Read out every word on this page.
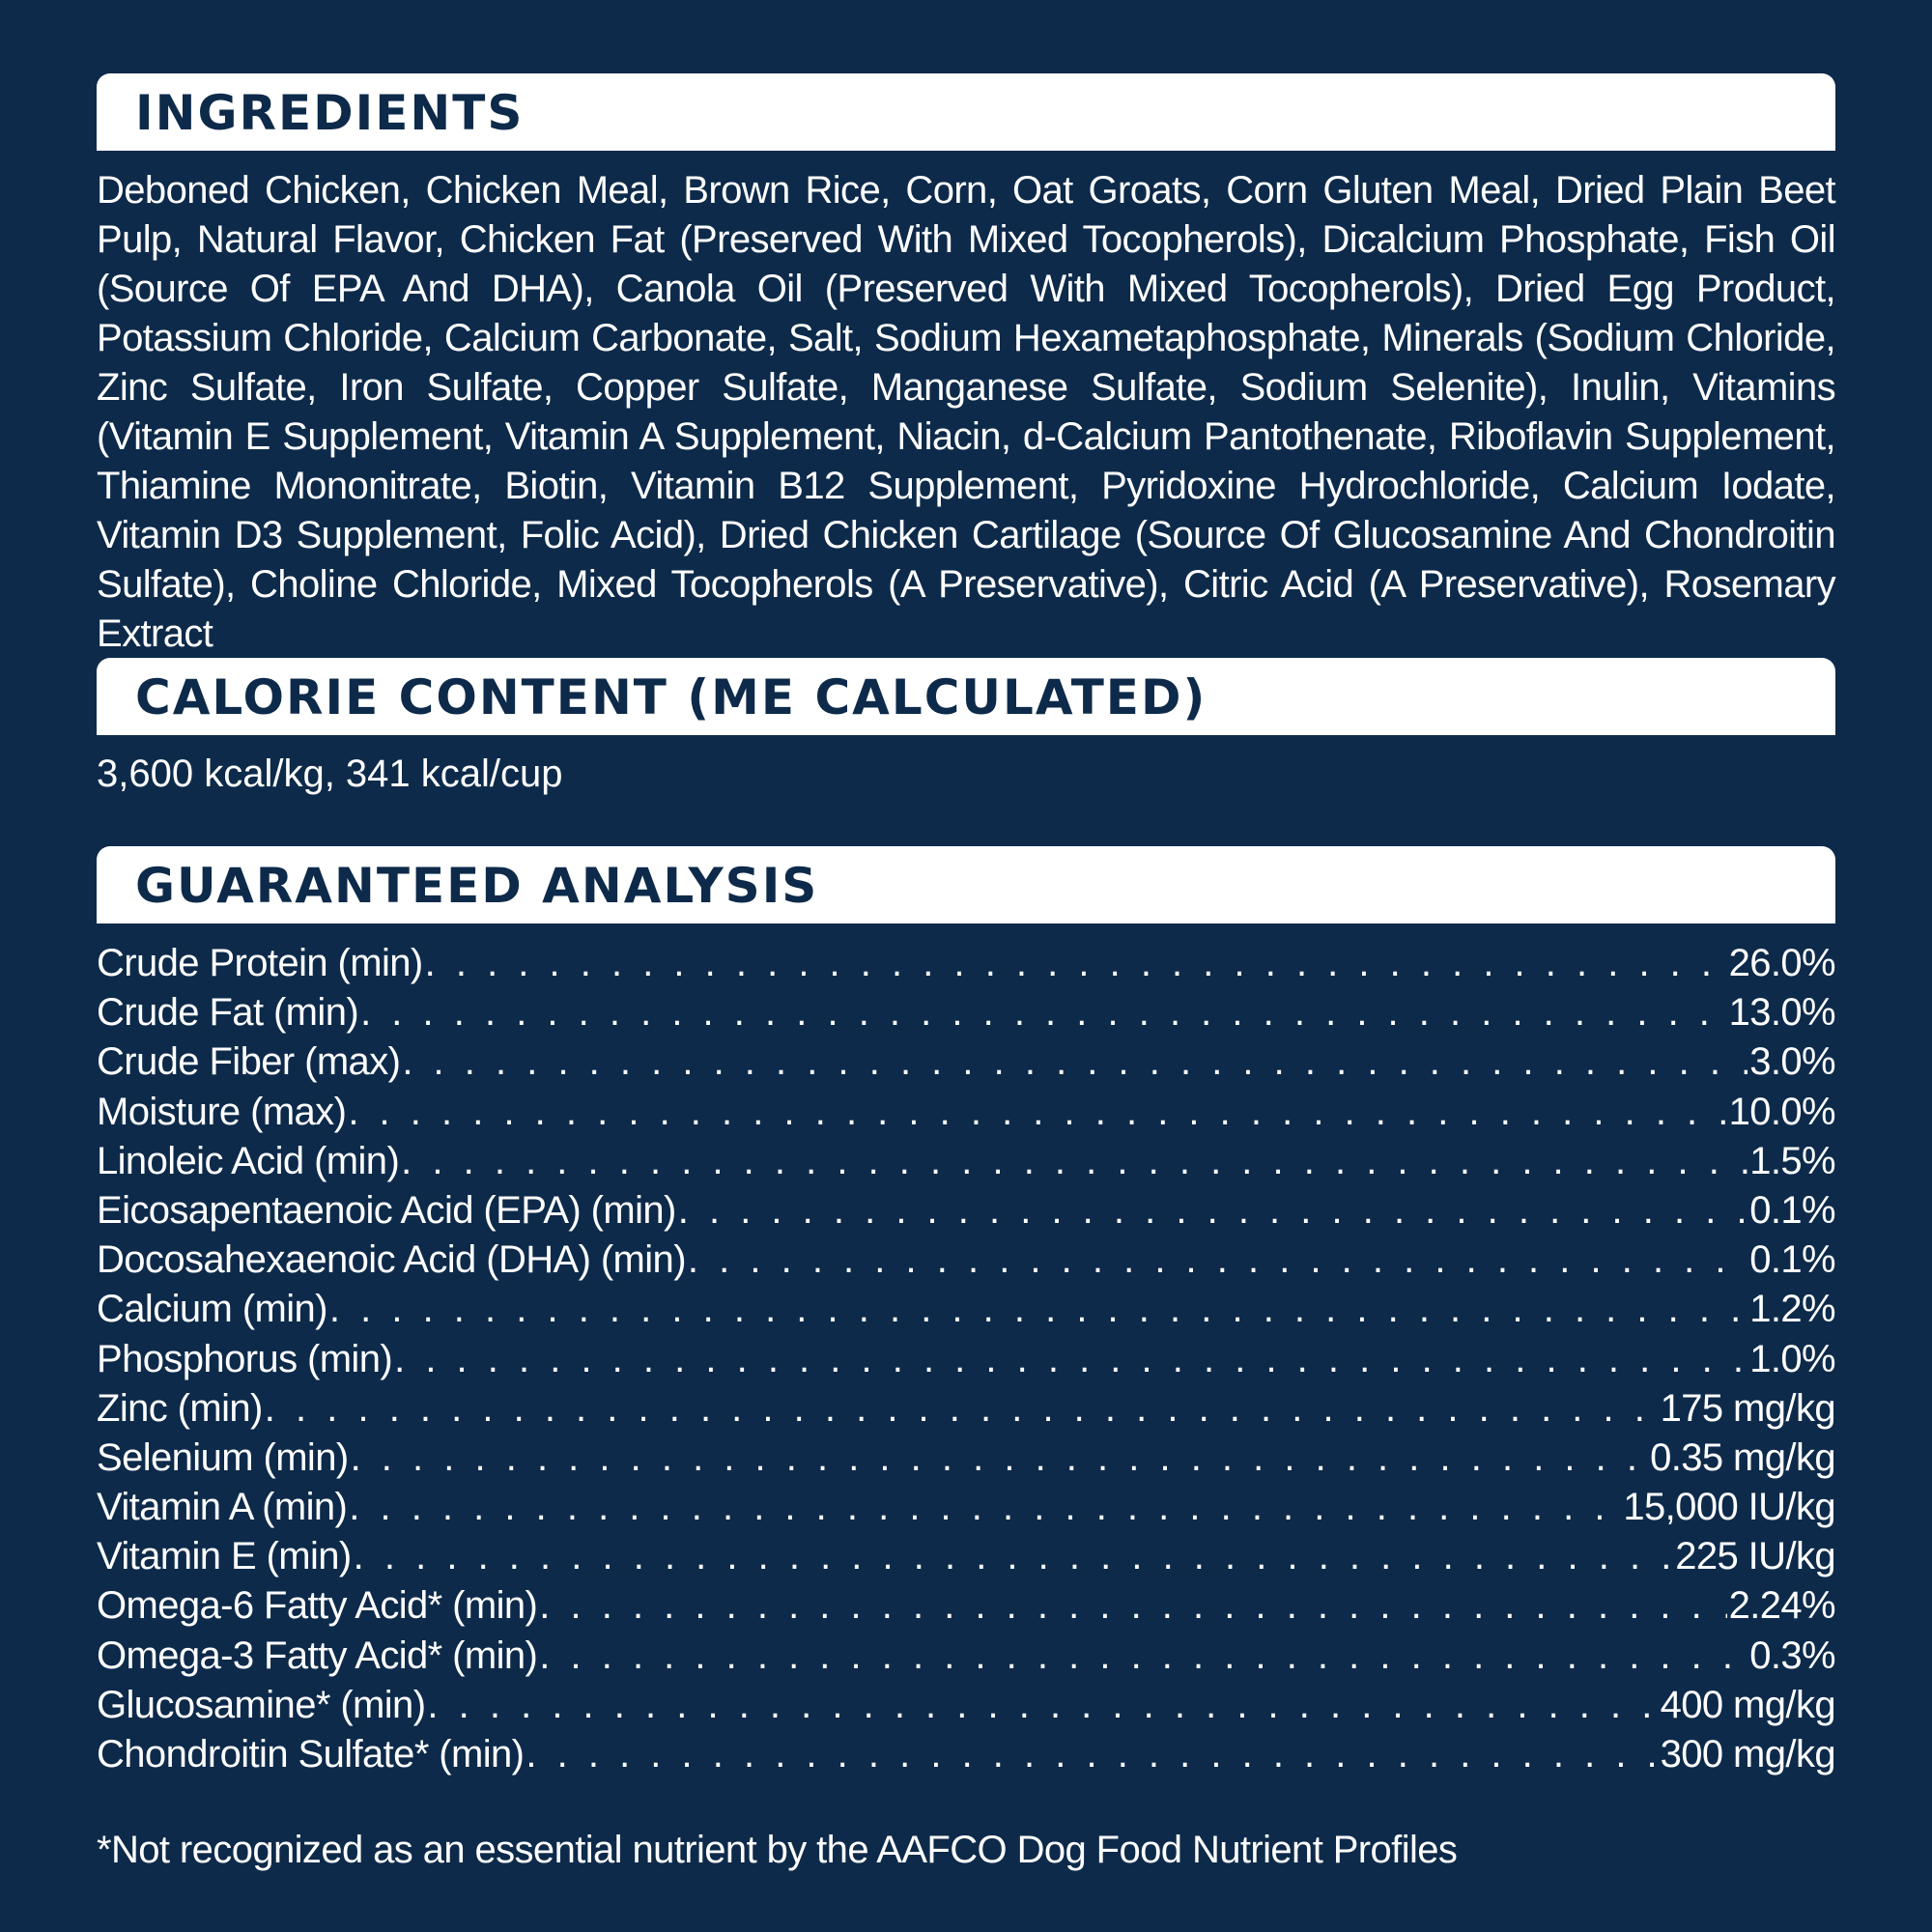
INGREDIENTS

Deboned Chicken, Chicken Meal, Brown Rice, Corn, Oat Groats, Corn Gluten Meal, Dried Plain Beet Pulp, Natural Flavor, Chicken Fat (Preserved With Mixed Tocopherols), Dicalcium Phosphate, Fish Oil (Source Of EPA And DHA), Canola Oil (Preserved With Mixed Tocopherols), Dried Egg Product, Potassium Chloride, Calcium Carbonate, Salt, Sodium Hexametaphosphate, Minerals (Sodium Chloride, Zinc Sulfate, Iron Sulfate, Copper Sulfate, Manganese Sulfate, Sodium Selenite), Inulin, Vitamins (Vitamin E Supplement, Vitamin A Supplement, Niacin, d-Calcium Pantothenate, Riboflavin Supplement, Thiamine Mononitrate, Biotin, Vitamin B12 Supplement, Pyridoxine Hydrochloride, Calcium Iodate, Vitamin D3 Supplement, Folic Acid), Dried Chicken Cartilage (Source Of Glucosamine And Chondroitin Sulfate), Choline Chloride, Mixed Tocopherols (A Preservative), Citric Acid (A Preservative), Rosemary Extract

CALORIE CONTENT (ME CALCULATED)

3,600 kcal/kg, 341 kcal/cup

GUARANTEED ANALYSIS
Crude Protein (min) . . .	26.0%
Crude Fat (min) . . .	13.0%
Crude Fiber (max) . . .	3.0%
Moisture (max) . . .	10.0%
Linoleic Acid (min) . . .	1.5%
Eicosapentaenoic Acid (EPA) (min) . . .	0.1%
Docosahexaenoic Acid (DHA) (min) . . .	0.1%
Calcium (min) . . .	1.2%
Phosphorus (min) . . .	1.0%
Zinc (min) . . .	175 mg/kg
Selenium (min) . . .	0.35 mg/kg
Vitamin A (min) . . .	15,000 IU/kg
Vitamin E (min) . . .	225 IU/kg
Omega-6 Fatty Acid* (min) . . .	2.24%
Omega-3 Fatty Acid* (min) . . .	0.3%
Glucosamine* (min) . . .	400 mg/kg
Chondroitin Sulfate* (min) . . .	300 mg/kg

*Not recognized as an essential nutrient by the AAFCO Dog Food Nutrient Profiles
